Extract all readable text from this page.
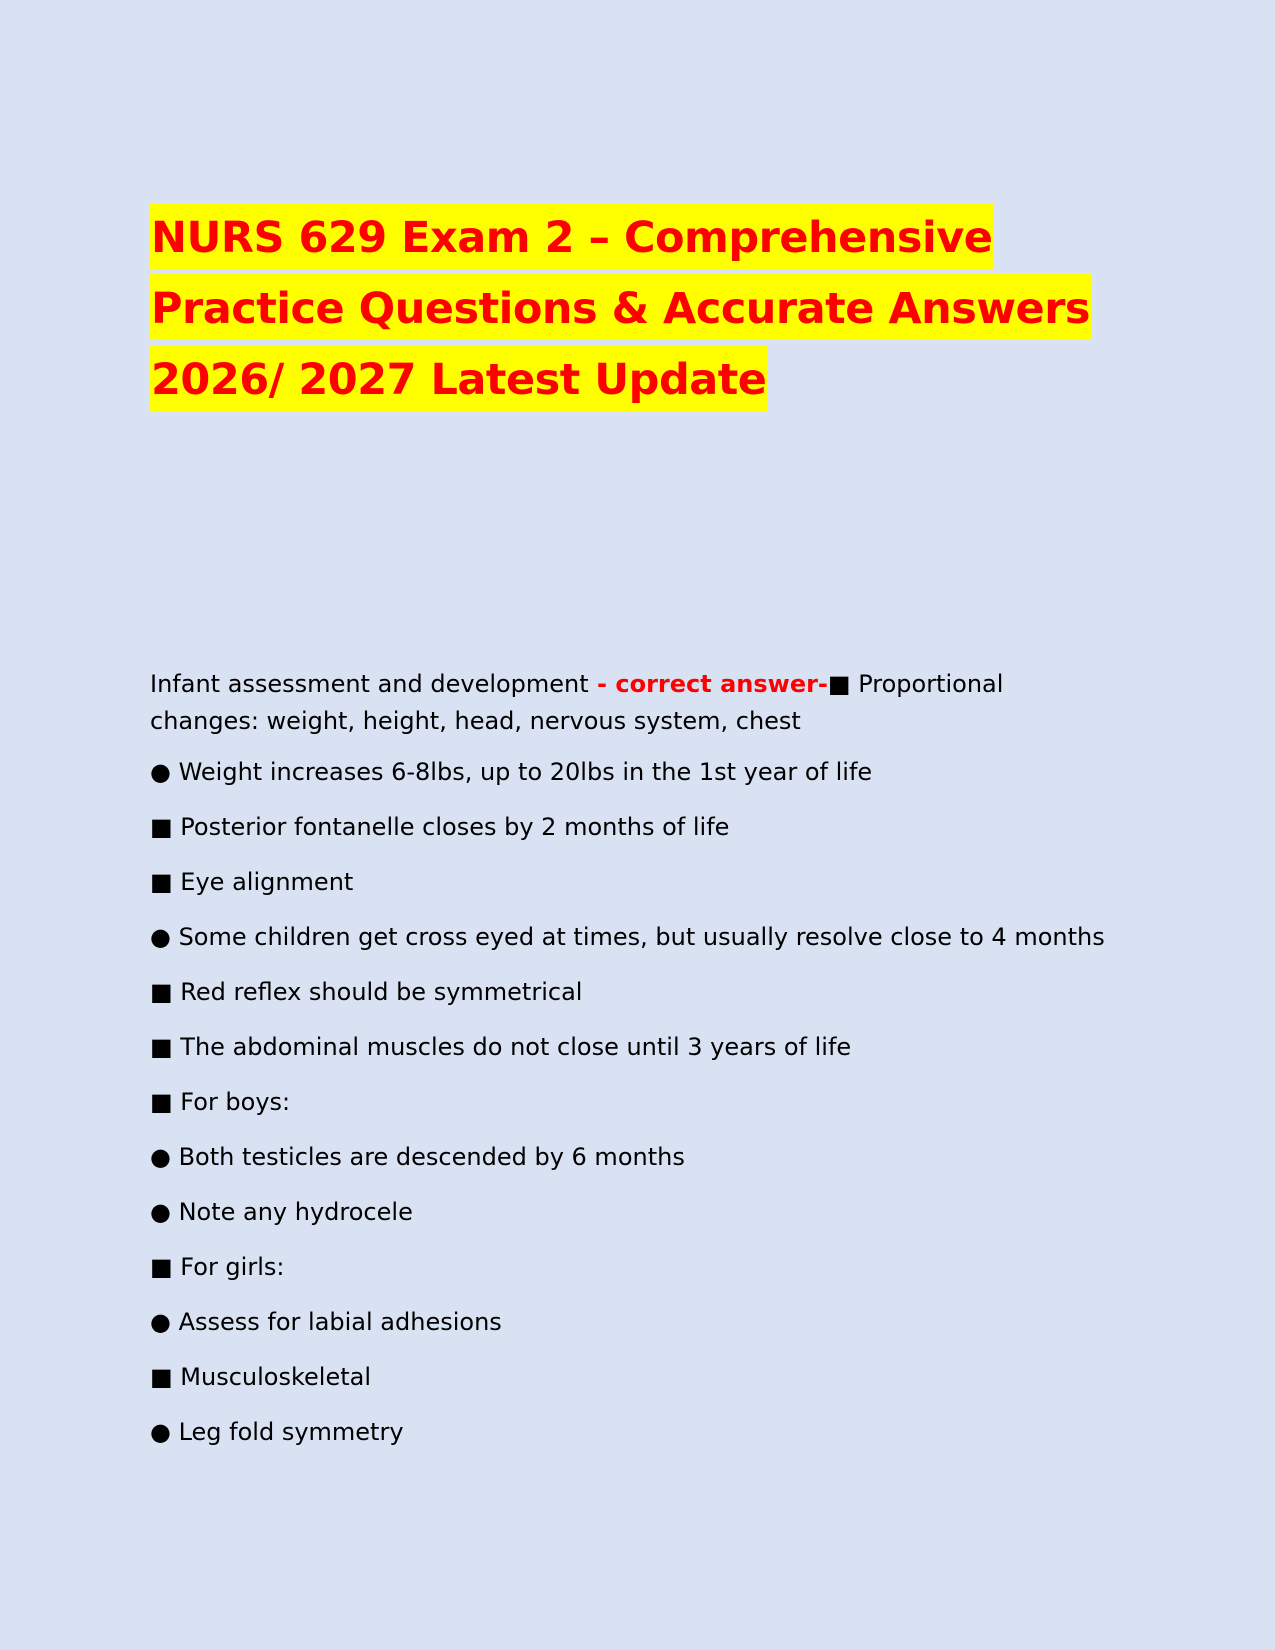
NURS 629 Exam 2 – Comprehensive
Practice Questions & Accurate Answers
2026/ 2027 Latest Update

Infant assessment and development - correct answer-■ Proportional changes: weight, height, head, nervous system, chest

● Weight increases 6-8lbs, up to 20lbs in the 1st year of life
■ Posterior fontanelle closes by 2 months of life
■ Eye alignment
● Some children get cross eyed at times, but usually resolve close to 4 months
■ Red reflex should be symmetrical
■ The abdominal muscles do not close until 3 years of life
■ For boys:
● Both testicles are descended by 6 months
● Note any hydrocele
■ For girls:
● Assess for labial adhesions
■ Musculoskeletal
● Leg fold symmetry
